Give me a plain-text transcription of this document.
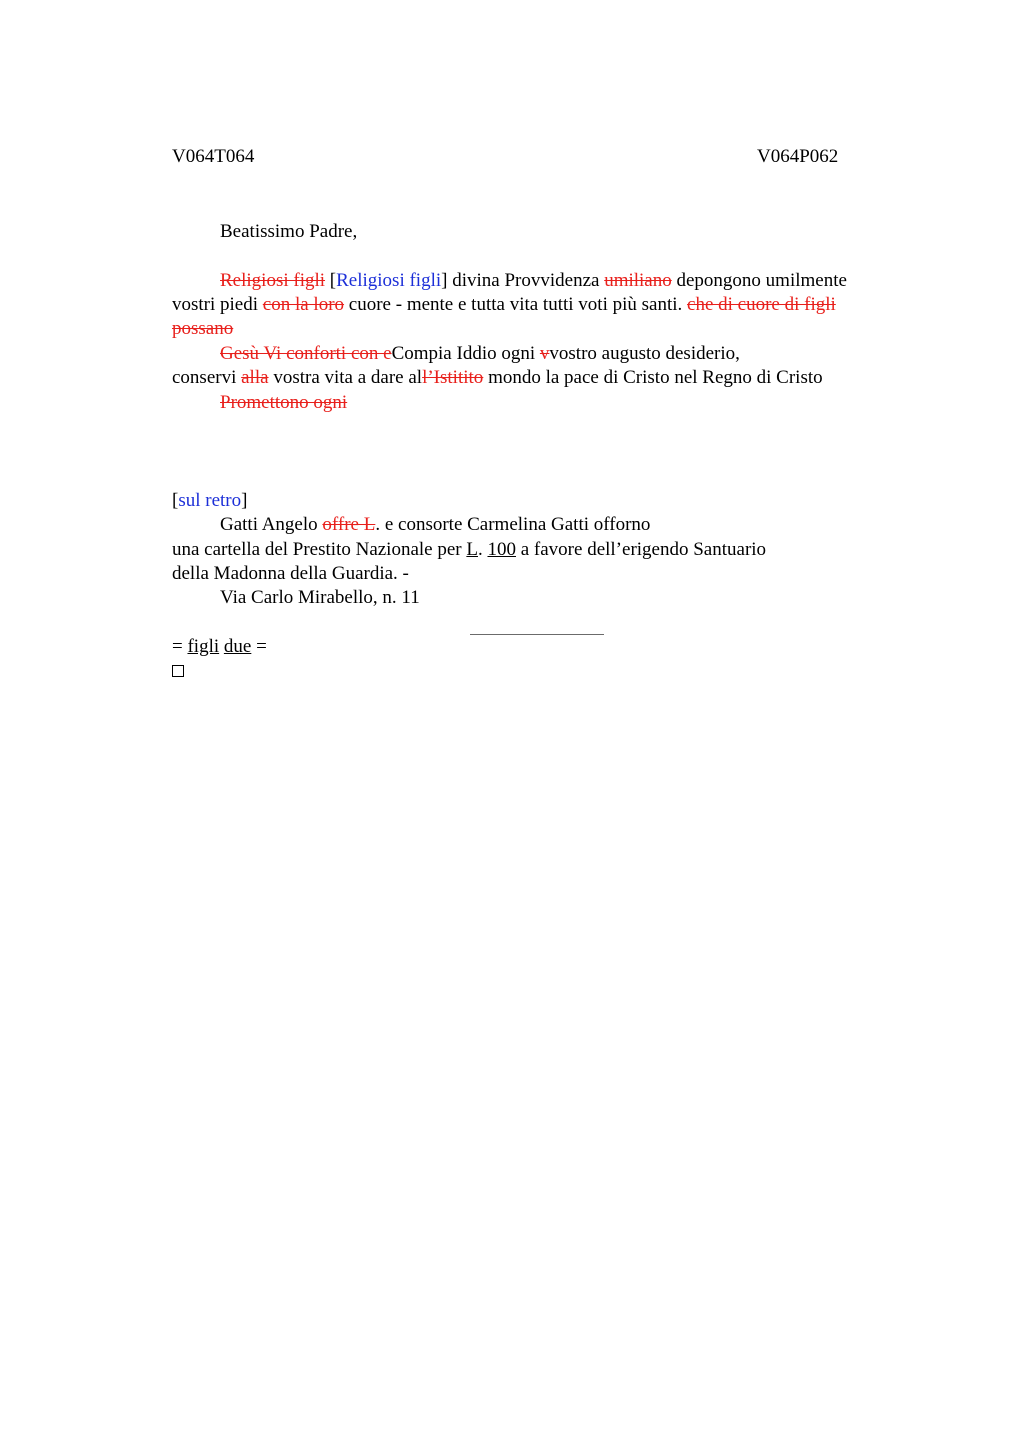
V064T064	V064P062
Beatissimo Padre,
Religiosi figli [Religiosi figli] divina Provvidenza umiliano depongono umilmente
vostri piedi con la loro cuore - mente e tutta vita tutti voti più santi. che di cuore di figli
possano
Gesù Vi conforti con eCompia Iddio ogni vvostro augusto desiderio,
conservi alla vostra vita a dare all’Istitito mondo la pace di Cristo nel Regno di Cristo
Promettono ogni
[sul retro]
Gatti Angelo offre L. e consorte Carmelina Gatti offorno
una cartella del Prestito Nazionale per L. 100 a favore dell’erigendo Santuario
della Madonna della Guardia. -
Via Carlo Mirabello, n. 11
= figli due =
